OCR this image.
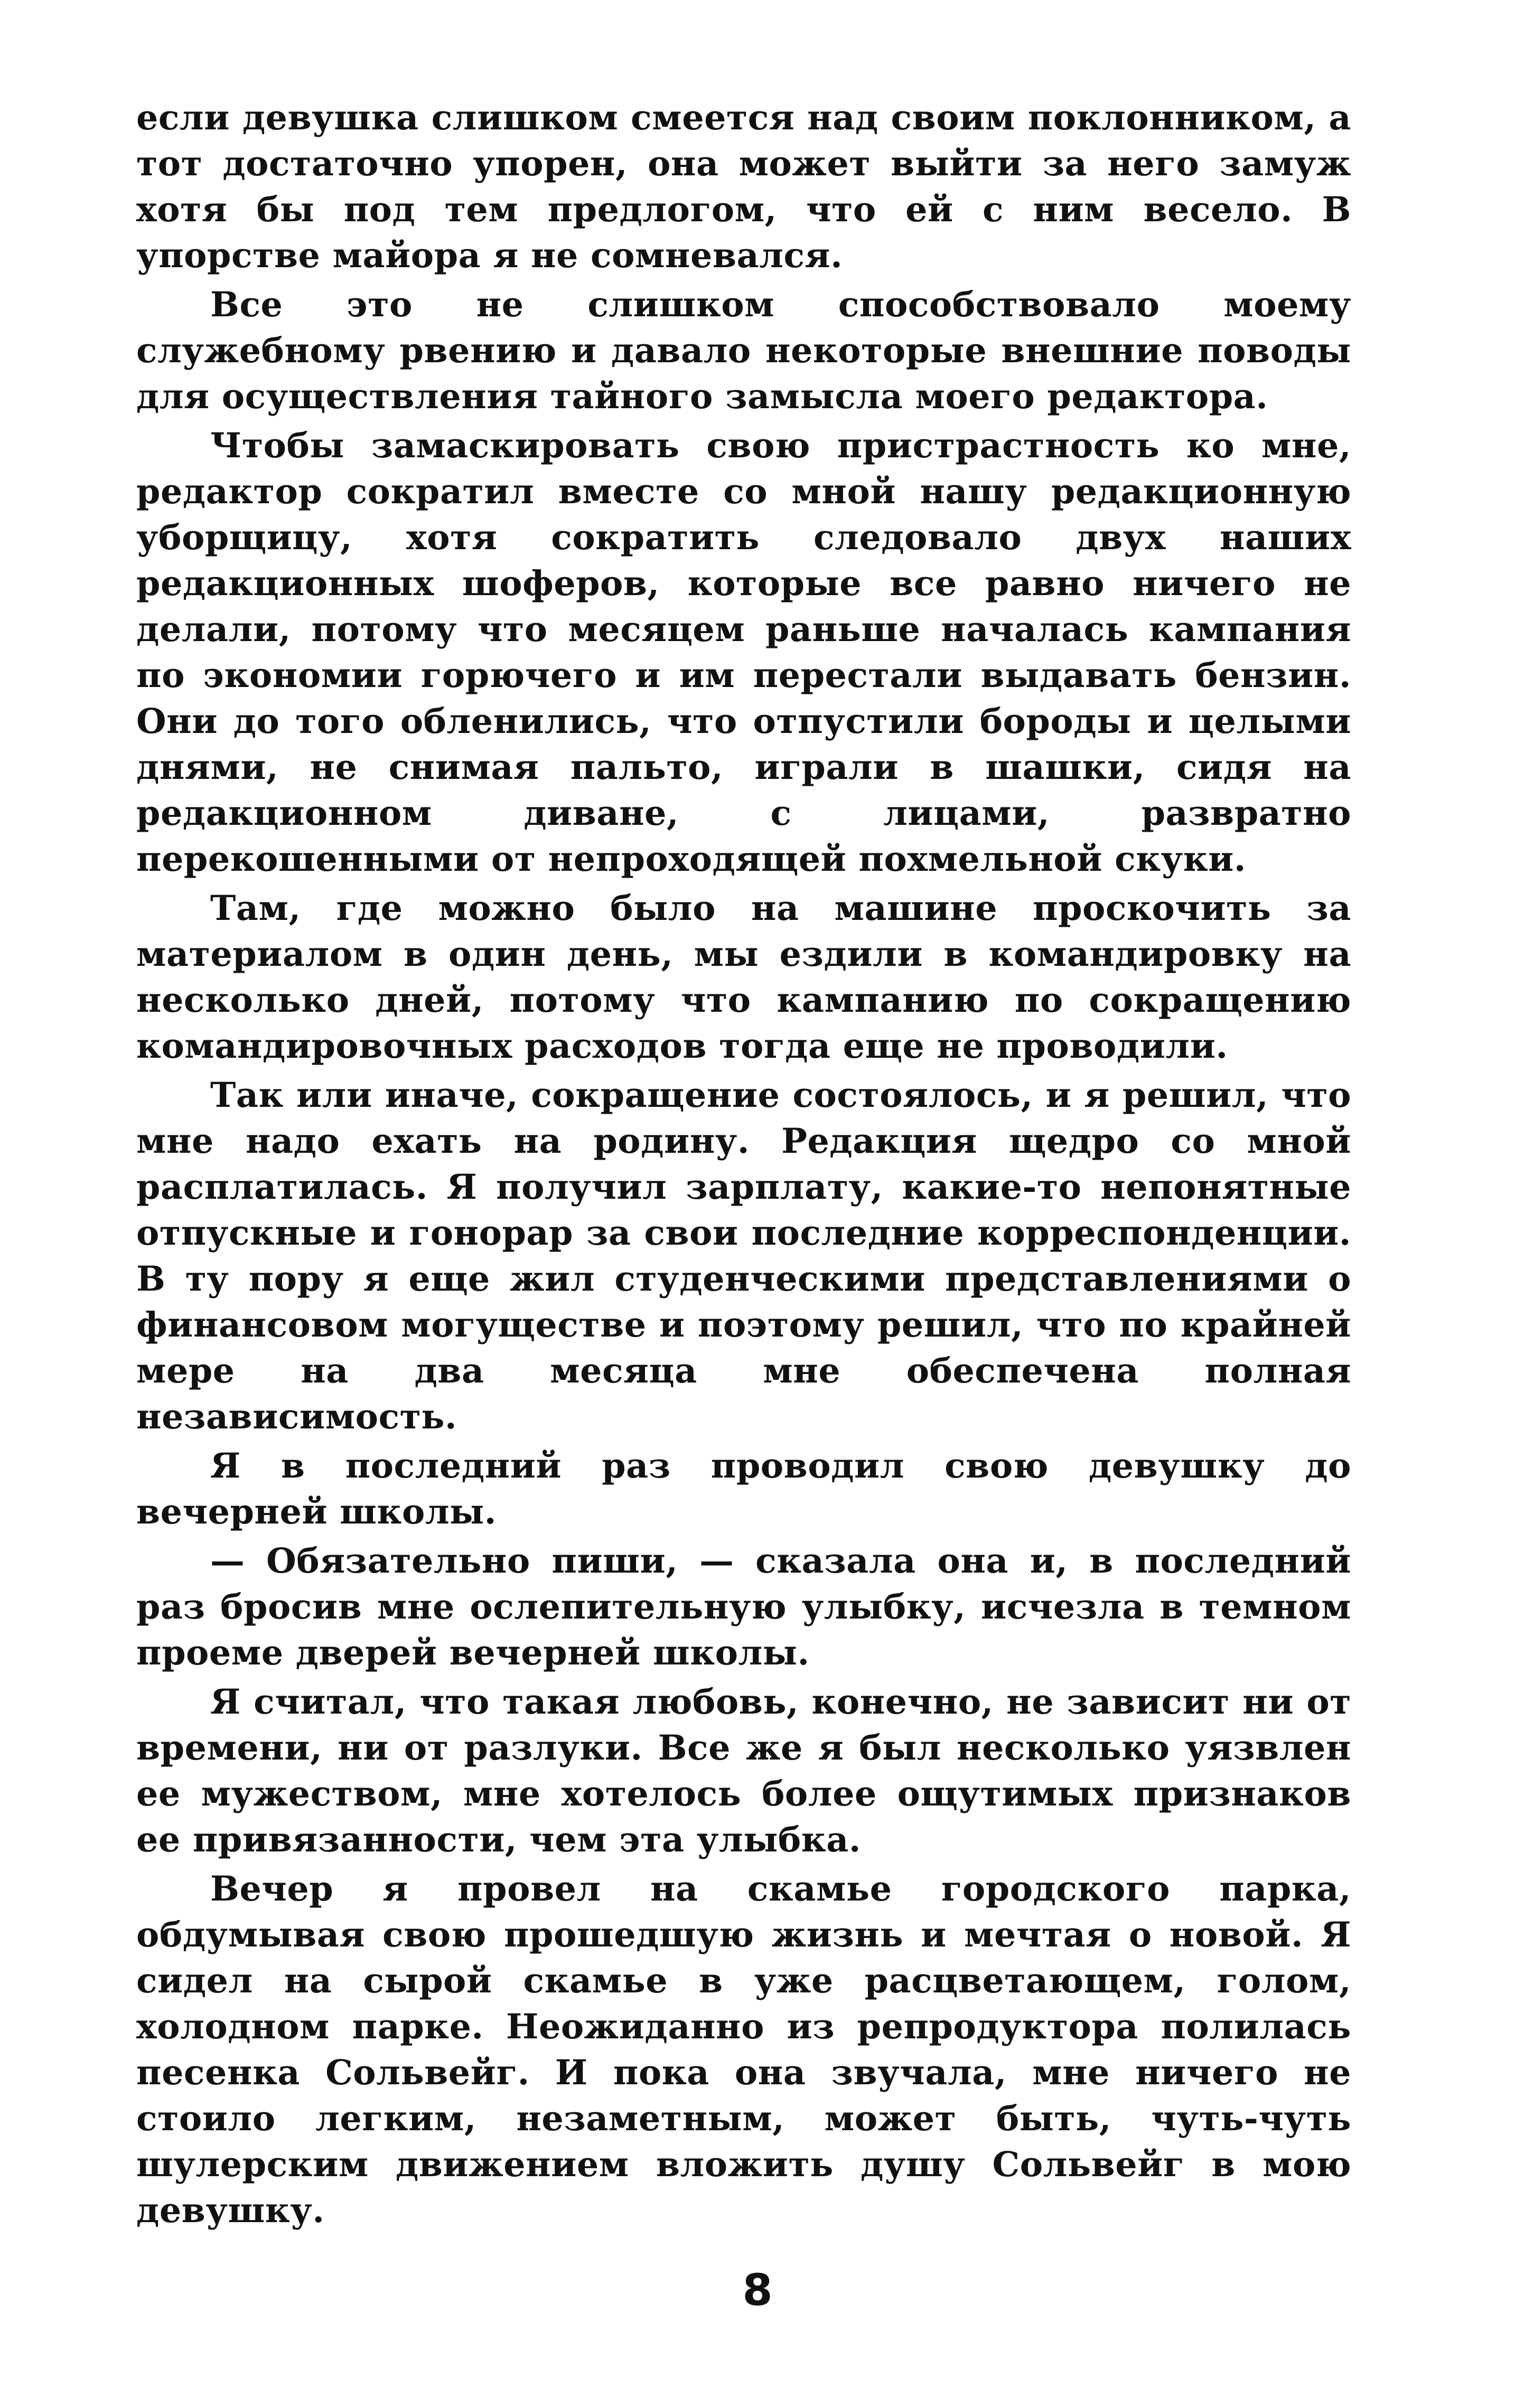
если девушка слишком смеется над своим поклонником, а тот достаточно упорен, она может выйти за него замуж хотя бы под тем предлогом, что ей с ним весело. В упорстве майора я не сомневался.

Все это не слишком способствовало моему служебному рвению и давало некоторые внешние поводы для осуществления тайного замысла моего редактора.

Чтобы замаскировать свою пристрастность ко мне, редактор сократил вместе со мной нашу редакционную уборщицу, хотя сократить следовало двух наших редакционных шоферов, которые все равно ничего не делали, потому что месяцем раньше началась кампания по экономии горючего и им перестали выдавать бензин. Они до того обленились, что отпустили бороды и целыми днями, не снимая пальто, играли в шашки, сидя на редакционном диване, с лицами, развратно перекошенными от непроходящей похмельной скуки.

Там, где можно было на машине проскочить за материалом в один день, мы ездили в командировку на несколько дней, потому что кампанию по сокращению командировочных расходов тогда еще не проводили.

Так или иначе, сокращение состоялось, и я решил, что мне надо ехать на родину. Редакция щедро со мной расплатилась. Я получил зарплату, какие-то непонятные отпускные и гонорар за свои последние корреспонденции. В ту пору я еще жил студенческими представлениями о финансовом могуществе и поэтому решил, что по крайней мере на два месяца мне обеспечена полная независимость.

Я в последний раз проводил свою девушку до вечерней школы.

— Обязательно пиши, — сказала она и, в последний раз бросив мне ослепительную улыбку, исчезла в темном проеме дверей вечерней школы.

Я считал, что такая любовь, конечно, не зависит ни от времени, ни от разлуки. Все же я был несколько уязвлен ее мужеством, мне хотелось более ощутимых признаков ее привязанности, чем эта улыбка.

Вечер я провел на скамье городского парка, обдумывая свою прошедшую жизнь и мечтая о новой. Я сидел на сырой скамье в уже расцветающем, голом, холодном парке. Неожиданно из репродуктора полилась песенка Сольвейг. И пока она звучала, мне ничего не стоило легким, незаметным, может быть, чуть-чуть шулерским движением вложить душу Сольвейг в мою девушку.

8
